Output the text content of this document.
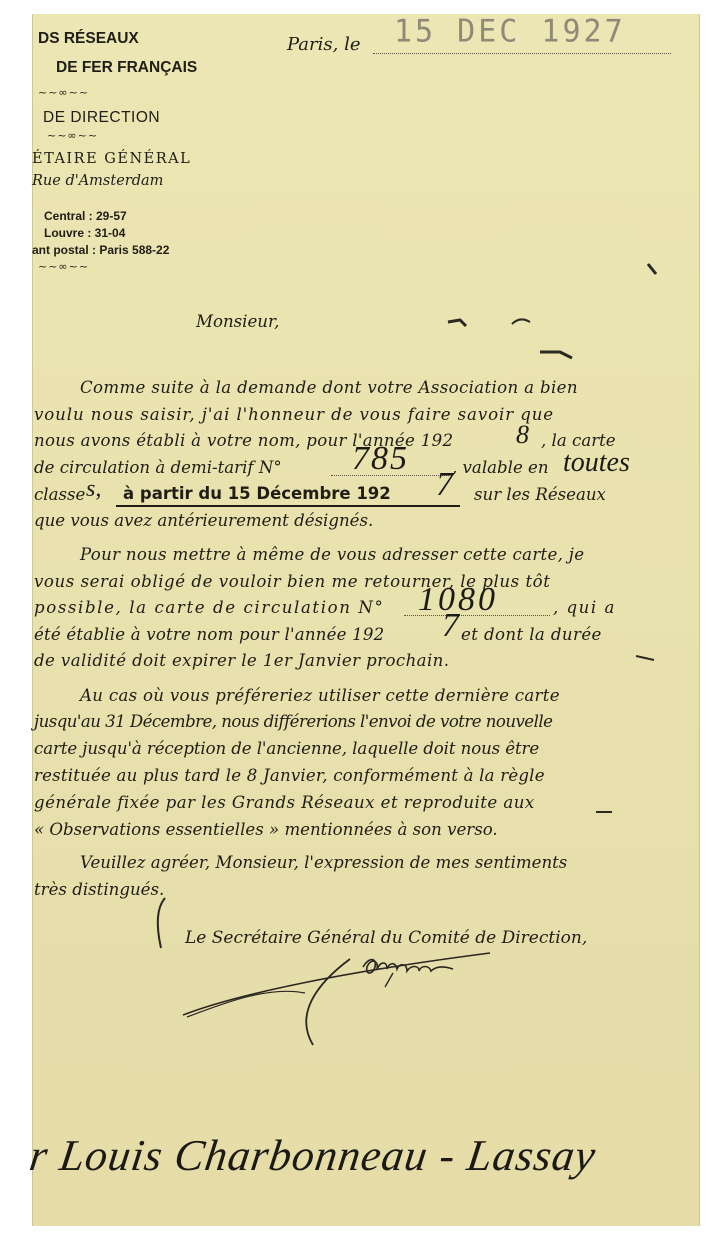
DS RÉSEAUX
DE FER FRANÇAIS
~~∞~~
DE DIRECTION
~~∞~~
ÉTAIRE GÉNÉRAL
Rue d'Amsterdam
Central : 29-57
Louvre : 31-04
ant postal : Paris 588-22
~~∞~~
Paris, le 15 DEC 1927
Monsieur,
Comme suite à la demande dont votre Association a bien
voulu nous saisir, j'ai l'honneur de vous faire savoir que
nous avons établi à votre nom, pour l'année 192 8 , la carte
de circulation à demi-tarif N° 785	, valable en toutes
classe s, à partir du 15 Décembre 192 7 sur les Réseaux
que vous avez antérieurement désignés.
Pour nous mettre à même de vous adresser cette carte, je
vous serai obligé de vouloir bien me retourner, le plus tôt
possible, la carte de circulation N° 1080	, qui a
été établie à votre nom pour l'année 192 7 et dont la durée
de validité doit expirer le 1er Janvier prochain.
Au cas où vous préféreriez utiliser cette dernière carte
jusqu'au 31 Décembre, nous différerions l'envoi de votre nouvelle
carte jusqu'à réception de l'ancienne, laquelle doit nous être
restituée au plus tard le 8 Janvier, conformément à la règle
générale fixée par les Grands Réseaux et reproduite aux
« Observations essentielles » mentionnées à son verso.
Veuillez agréer, Monsieur, l'expression de mes sentiments
très distingués.
Le Secrétaire Général du Comité de Direction,
r Louis Charbonneau - Lassay
